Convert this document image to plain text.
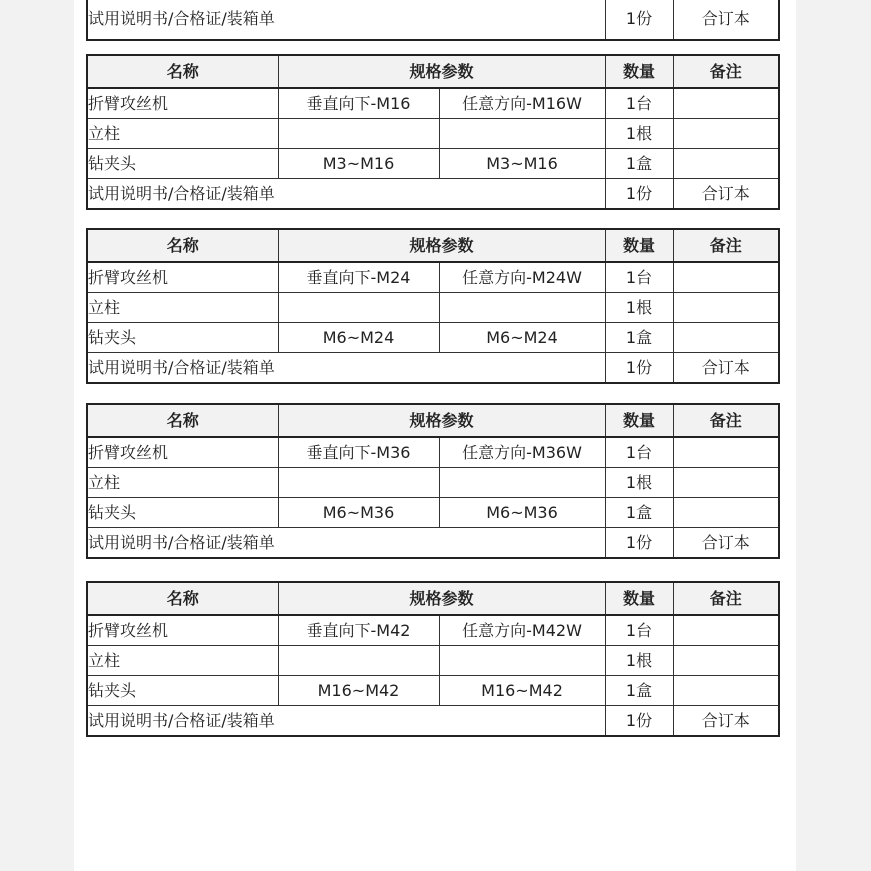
试用说明书/合格证/装箱单	1份	合订本
名称	规格参数		数量	备注
折臂攻丝机	垂直向下-M16	任意方向-M16W	1台	
立柱			1根	
钻夹头	M3~M16	M3~M16	1盒	
试用说明书/合格证/装箱单			1份	合订本
名称	规格参数		数量	备注
折臂攻丝机	垂直向下-M24	任意方向-M24W	1台	
立柱			1根	
钻夹头	M6~M24	M6~M24	1盒	
试用说明书/合格证/装箱单			1份	合订本
名称	规格参数		数量	备注
折臂攻丝机	垂直向下-M36	任意方向-M36W	1台	
立柱			1根	
钻夹头	M6~M36	M6~M36	1盒	
试用说明书/合格证/装箱单			1份	合订本
名称	规格参数		数量	备注
折臂攻丝机	垂直向下-M42	任意方向-M42W	1台	
立柱			1根	
钻夹头	M16~M42	M16~M42	1盒	
试用说明书/合格证/装箱单			1份	合订本
